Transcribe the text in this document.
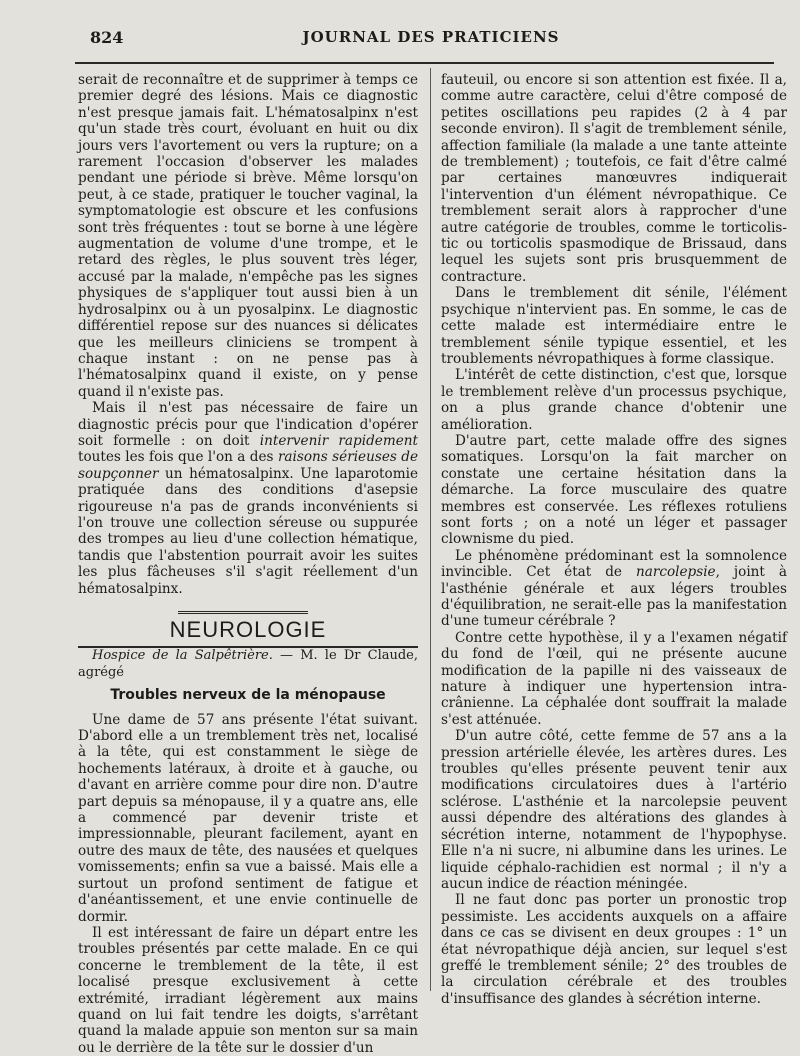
824	JOURNAL DES PRATICIENS

serait de reconnaître et de supprimer à temps ce premier degré des lésions. Mais ce diagnostic n'est presque jamais fait. L'hématosalpinx n'est qu'un stade très court, évoluant en huit ou dix jours vers l'avortement ou vers la rupture; on a rarement l'occasion d'observer les malades pendant une période si brève. Même lorsqu'on peut, à ce stade, pratiquer le toucher vaginal, la symptomatologie est obscure et les confusions sont très fréquentes : tout se borne à une légère augmentation de volume d'une trompe, et le retard des règles, le plus souvent très léger, accusé par la malade, n'empêche pas les signes physiques de s'appliquer tout aussi bien à un hydrosalpinx ou à un pyosalpinx. Le diagnostic différentiel repose sur des nuances si délicates que les meilleurs cliniciens se trompent à chaque instant : on ne pense pas à l'hématosalpinx quand il existe, on y pense quand il n'existe pas.

Mais il n'est pas nécessaire de faire un diagnostic précis pour que l'indication d'opérer soit formelle : on doit intervenir rapidement toutes les fois que l'on a des raisons sérieuses de soupçonner un hématosalpinx. Une laparotomie pratiquée dans des conditions d'asepsie rigoureuse n'a pas de grands inconvénients si l'on trouve une collection séreuse ou suppurée des trompes au lieu d'une collection hématique, tandis que l'abstention pourrait avoir les suites les plus fâcheuses s'il s'agit réellement d'un hématosalpinx.

NEUROLOGIE

Hospice de la Salpêtrière. — M. le Dr Claude, agrégé

Troubles nerveux de la ménopause

Une dame de 57 ans présente l'état suivant. D'abord elle a un tremblement très net, localisé à la tête, qui est constamment le siège de hochements latéraux, à droite et à gauche, ou d'avant en arrière comme pour dire non. D'autre part depuis sa ménopause, il y a quatre ans, elle a commencé par devenir triste et impressionnable, pleurant facilement, ayant en outre des maux de tête, des nausées et quelques vomissements; enfin sa vue a baissé. Mais elle a surtout un profond sentiment de fatigue et d'anéantissement, et une envie continuelle de dormir.

Il est intéressant de faire un départ entre les troubles présentés par cette malade. En ce qui concerne le tremblement de la tête, il est localisé presque exclusivement à cette extrémité, irradiant légèrement aux mains quand on lui fait tendre les doigts, s'arrêtant quand la malade appuie son menton sur sa main ou le derrière de la tête sur le dossier d'un

fauteuil, ou encore si son attention est fixée. Il a, comme autre caractère, celui d'être composé de petites oscillations peu rapides (2 à 4 par seconde environ). Il s'agit de tremblement sénile, affection familiale (la malade a une tante atteinte de tremblement) ; toutefois, ce fait d'être calmé par certaines manœuvres indiquerait l'intervention d'un élément névropathique. Ce tremblement serait alors à rapprocher d'une autre catégorie de troubles, comme le torticolis-tic ou torticolis spasmodique de Brissaud, dans lequel les sujets sont pris brusquemment de contracture.

Dans le tremblement dit sénile, l'élément psychique n'intervient pas. En somme, le cas de cette malade est intermédiaire entre le tremblement sénile typique essentiel, et les troublements névropathiques à forme classique.

L'intérêt de cette distinction, c'est que, lorsque le tremblement relève d'un processus psychique, on a plus grande chance d'obtenir une amélioration.

D'autre part, cette malade offre des signes somatiques. Lorsqu'on la fait marcher on constate une certaine hésitation dans la démarche. La force musculaire des quatre membres est conservée. Les réflexes rotuliens sont forts ; on a noté un léger et passager clownisme du pied.

Le phénomène prédominant est la somnolence invincible. Cet état de narcolepsie, joint à l'asthénie générale et aux légers troubles d'équilibration, ne serait-elle pas la manifestation d'une tumeur cérébrale ?

Contre cette hypothèse, il y a l'examen négatif du fond de l'œil, qui ne présente aucune modification de la papille ni des vaisseaux de nature à indiquer une hypertension intra-crânienne. La céphalée dont souffrait la malade s'est atténuée.

D'un autre côté, cette femme de 57 ans a la pression artérielle élevée, les artères dures. Les troubles qu'elles présente peuvent tenir aux modifications circulatoires dues à l'artério sclérose. L'asthénie et la narcolepsie peuvent aussi dépendre des altérations des glandes à sécrétion interne, notamment de l'hypophyse. Elle n'a ni sucre, ni albumine dans les urines. Le liquide céphalo-rachidien est normal ; il n'y a aucun indice de réaction méningée.

Il ne faut donc pas porter un pronostic trop pessimiste. Les accidents auxquels on a affaire dans ce cas se divisent en deux groupes : 1° un état névropathique déjà ancien, sur lequel s'est greffé le tremblement sénile; 2° des troubles de la circulation cérébrale et des troubles d'insuffisance des glandes à sécrétion interne.
